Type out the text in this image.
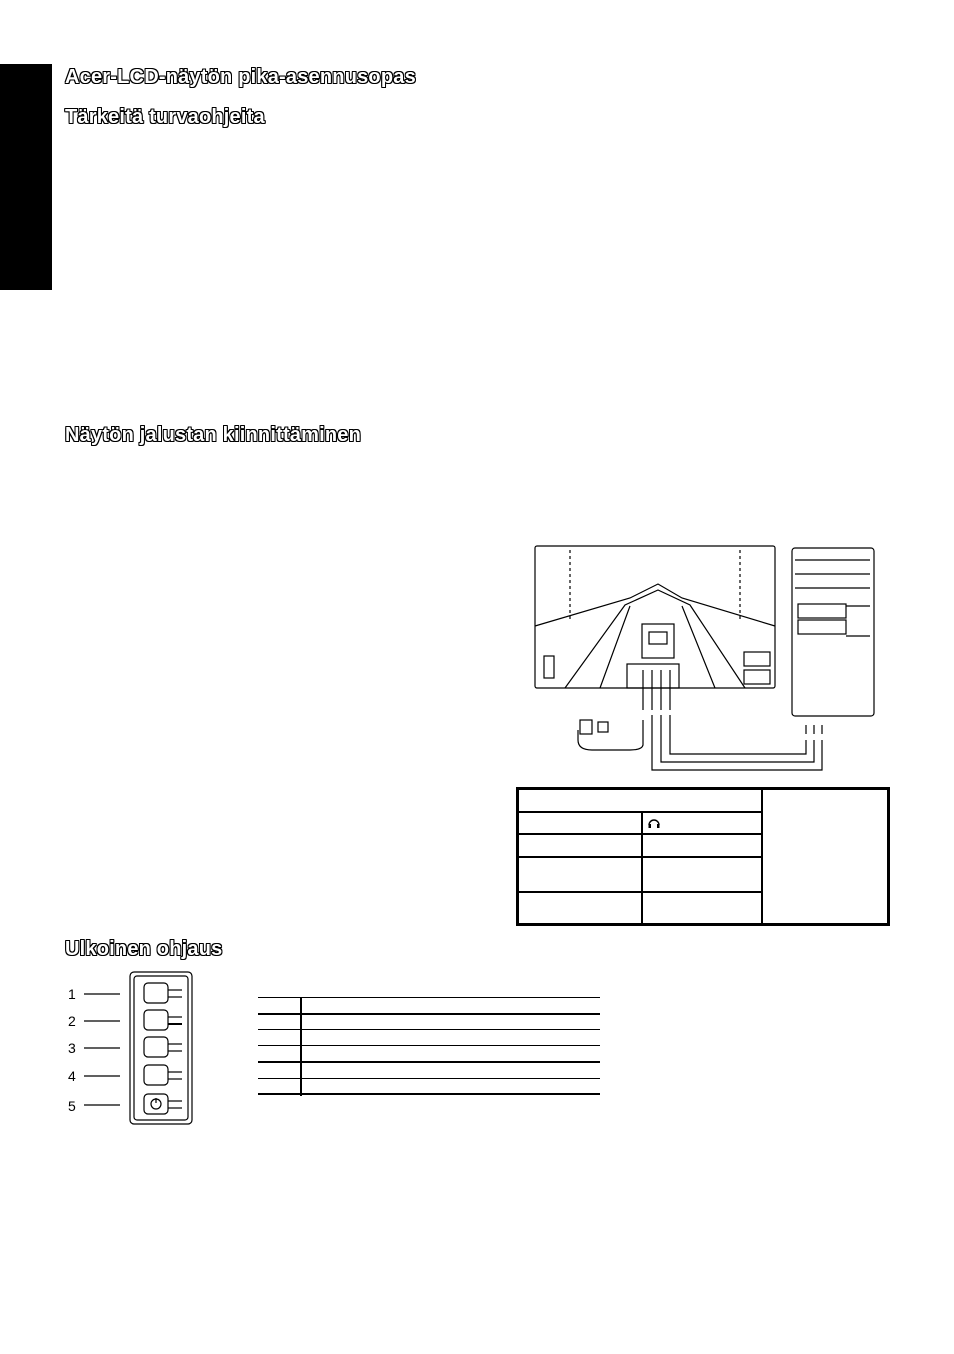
Acer-LCD-näytön pika-asennusopas
Tärkeitä turvaohjeita
Näytön jalustan kiinnittäminen
Ulkoinen ohjaus
1
2
3
4
5
